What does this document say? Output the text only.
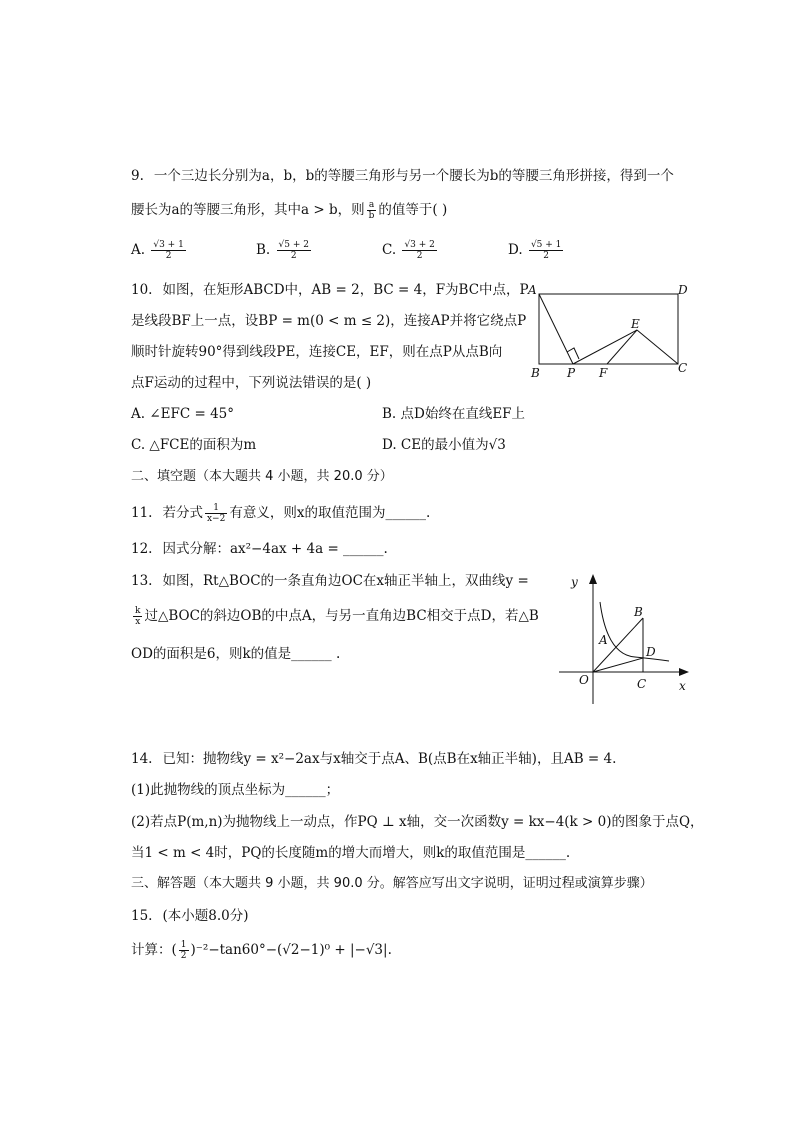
9. 一个三边长分别为a，b，b的等腰三角形与另一个腰长为b的等腰三角形拼接，得到一个
腰长为a的等腰三角形，其中a > b，则 $\frac{a}{b}$ 的值等于( )
A. $\frac{√3 + 1}{2}$	B. $\frac{√5 + 2}{2}$	C. $\frac{√3 + 2}{2}$	D. $\frac{√5 + 1}{2}$
10. 如图，在矩形ABCD中，AB = 2，BC = 4，F为BC中点，P
是线段BF上一点，设BP = m(0 < m ≤ 2)，连接AP并将它绕点P
顺时针旋转90°得到线段PE，连接CE，EF，则在点P从点B向
点F运动的过程中，下列说法错误的是( )
A	D
B P F	C
E
A. ∠EFC = 45°	B. 点D始终在直线EF上
C. △FCE的面积为m	D. CE的最小值为√3
二、填空题（本大题共 4 小题，共 20.0 分）
11. 若分式 $\frac{1}{x-2}$ 有意义，则x的取值范围为______.
12. 因式分解：ax²−4ax + 4a = ______.
13. 如图，Rt△BOC的一条直角边OC在x轴正半轴上，双曲线y =
$\frac{k}{x}$ 过△BOC的斜边OB的中点A，与另一直角边BC相交于点D，若△B
OD的面积是6，则k的值是______ .
y
x
O
A
B
D
C
14. 已知：抛物线y = x²−2ax与x轴交于点A、B(点B在x轴正半轴)，且AB = 4.
(1)此抛物线的顶点坐标为______；
(2)若点P(m,n)为抛物线上一动点，作PQ ⊥ x轴，交一次函数y = kx−4(k > 0)的图象于点Q，
当1 < m < 4时，PQ的长度随m的增大而增大，则k的取值范围是______.
三、解答题（本大题共 9 小题，共 90.0 分。解答应写出文字说明，证明过程或演算步骤）
15. (本小题8.0分)
计算：( $\frac{1}{2} )^{-2}-\tan 60^\circ-(√2-1)^0 + |-√3|$.
